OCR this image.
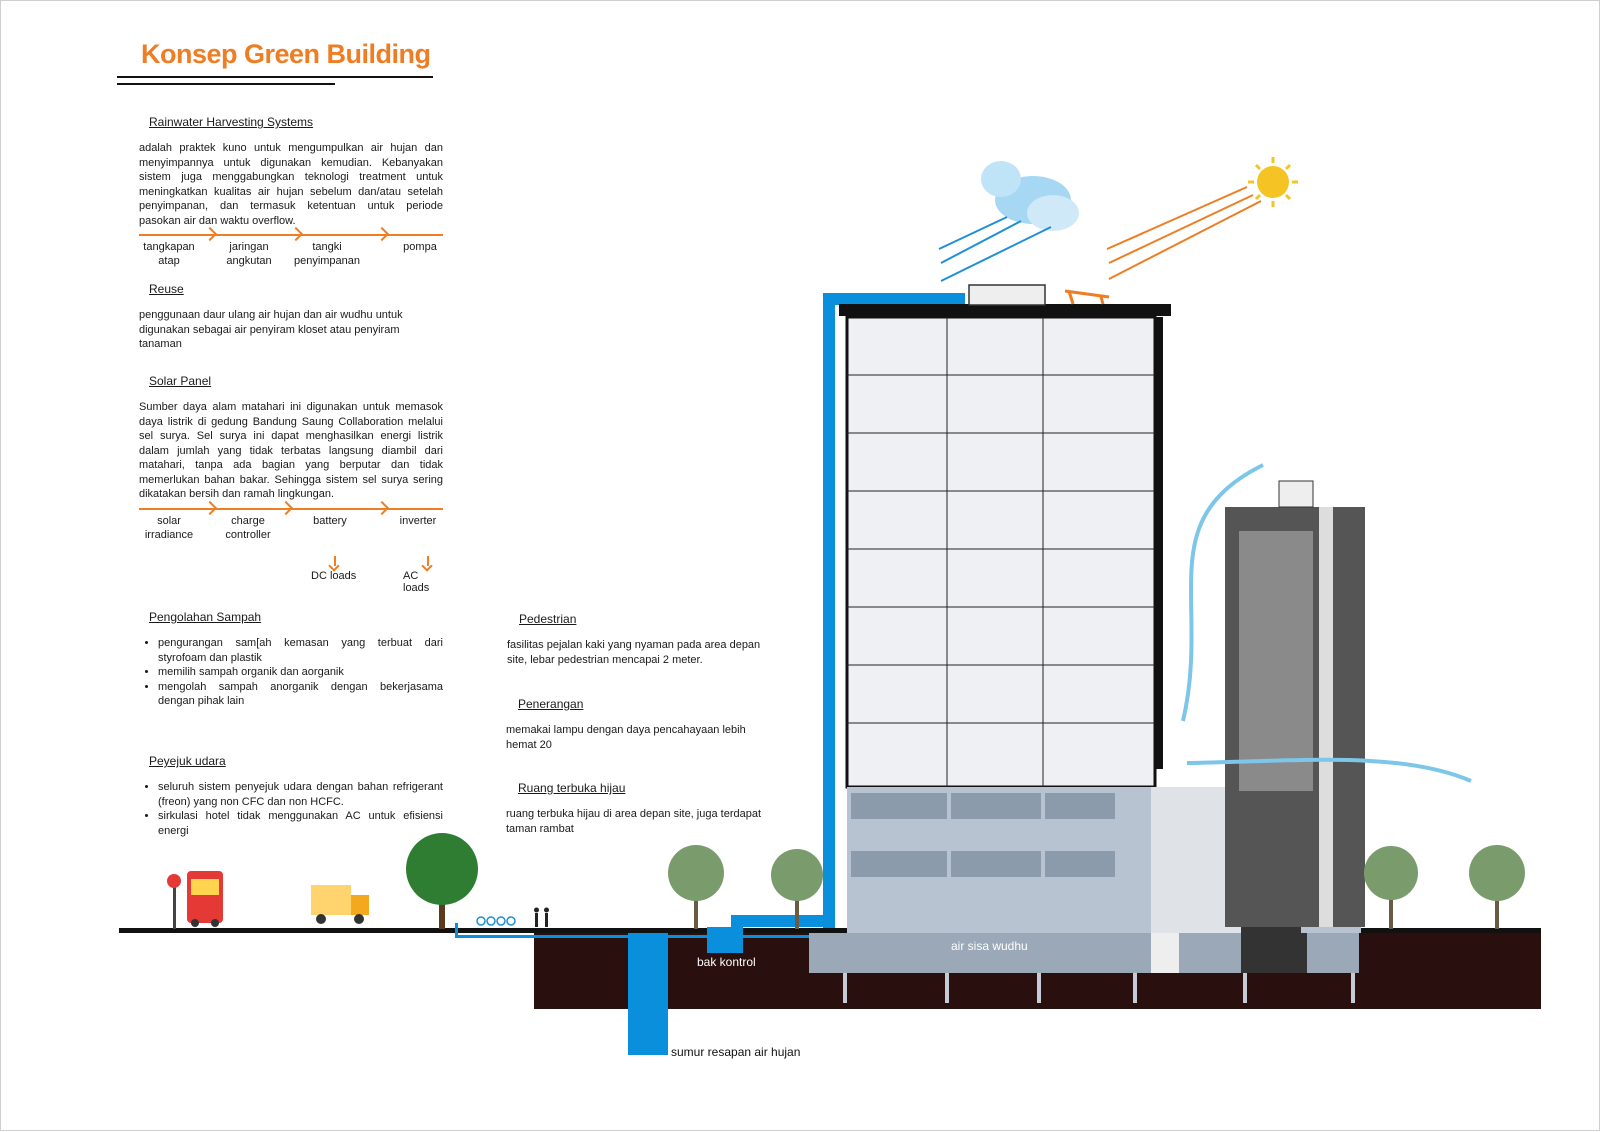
Konsep Green Building
Rainwater Harvesting Systems

adalah praktek kuno untuk mengumpulkan air hujan dan menyimpannya untuk digunakan kemudian. Kebanyakan sistem juga menggabungkan teknologi treatment untuk meningkatkan kualitas air hujan sebelum dan/atau setelah penyimpanan, dan termasuk ketentuan untuk periode pasokan air dan waktu overflow.

tangkapan
atap
jaringan
angkutan
tangki
penyimpanan
pompa
Reuse

penggunaan daur ulang air hujan dan air wudhu untuk digunakan sebagai air penyiram kloset atau penyiram tanaman

Solar Panel

Sumber daya alam matahari ini digunakan untuk memasok daya listrik di gedung Bandung Saung Collaboration melalui sel surya. Sel surya ini dapat menghasilkan energi listrik dalam jumlah yang tidak terbatas langsung diambil dari matahari, tanpa ada bagian yang berputar dan tidak memerlukan bahan bakar. Sehingga sistem sel surya sering dikatakan bersih dan ramah lingkungan.

solar
irradiance
charge
controller
battery	inverter
DC loads	AC loads
Pengolahan Sampah
• pengurangan sam[ah kemasan yang terbuat dari styrofoam dan plastik
• memilih sampah organik dan aorganik
• mengolah sampah anorganik dengan bekerjasama dengan pihak lain
Peyejuk udara
• seluruh sistem penyejuk udara dengan bahan refrigerant (freon) yang non CFC dan non HCFC.
• sirkulasi hotel tidak menggunakan AC untuk efisiensi energi
Pedestrian

fasilitas pejalan kaki yang nyaman pada area depan site, lebar pedestrian mencapai 2 meter.

Penerangan

memakai lampu dengan daya pencahayaan lebih hemat 20

Ruang terbuka hijau

ruang terbuka hijau di area depan site, juga terdapat taman rambat

bak kontrol
air sisa wudhu
sumur resapan air hujan
